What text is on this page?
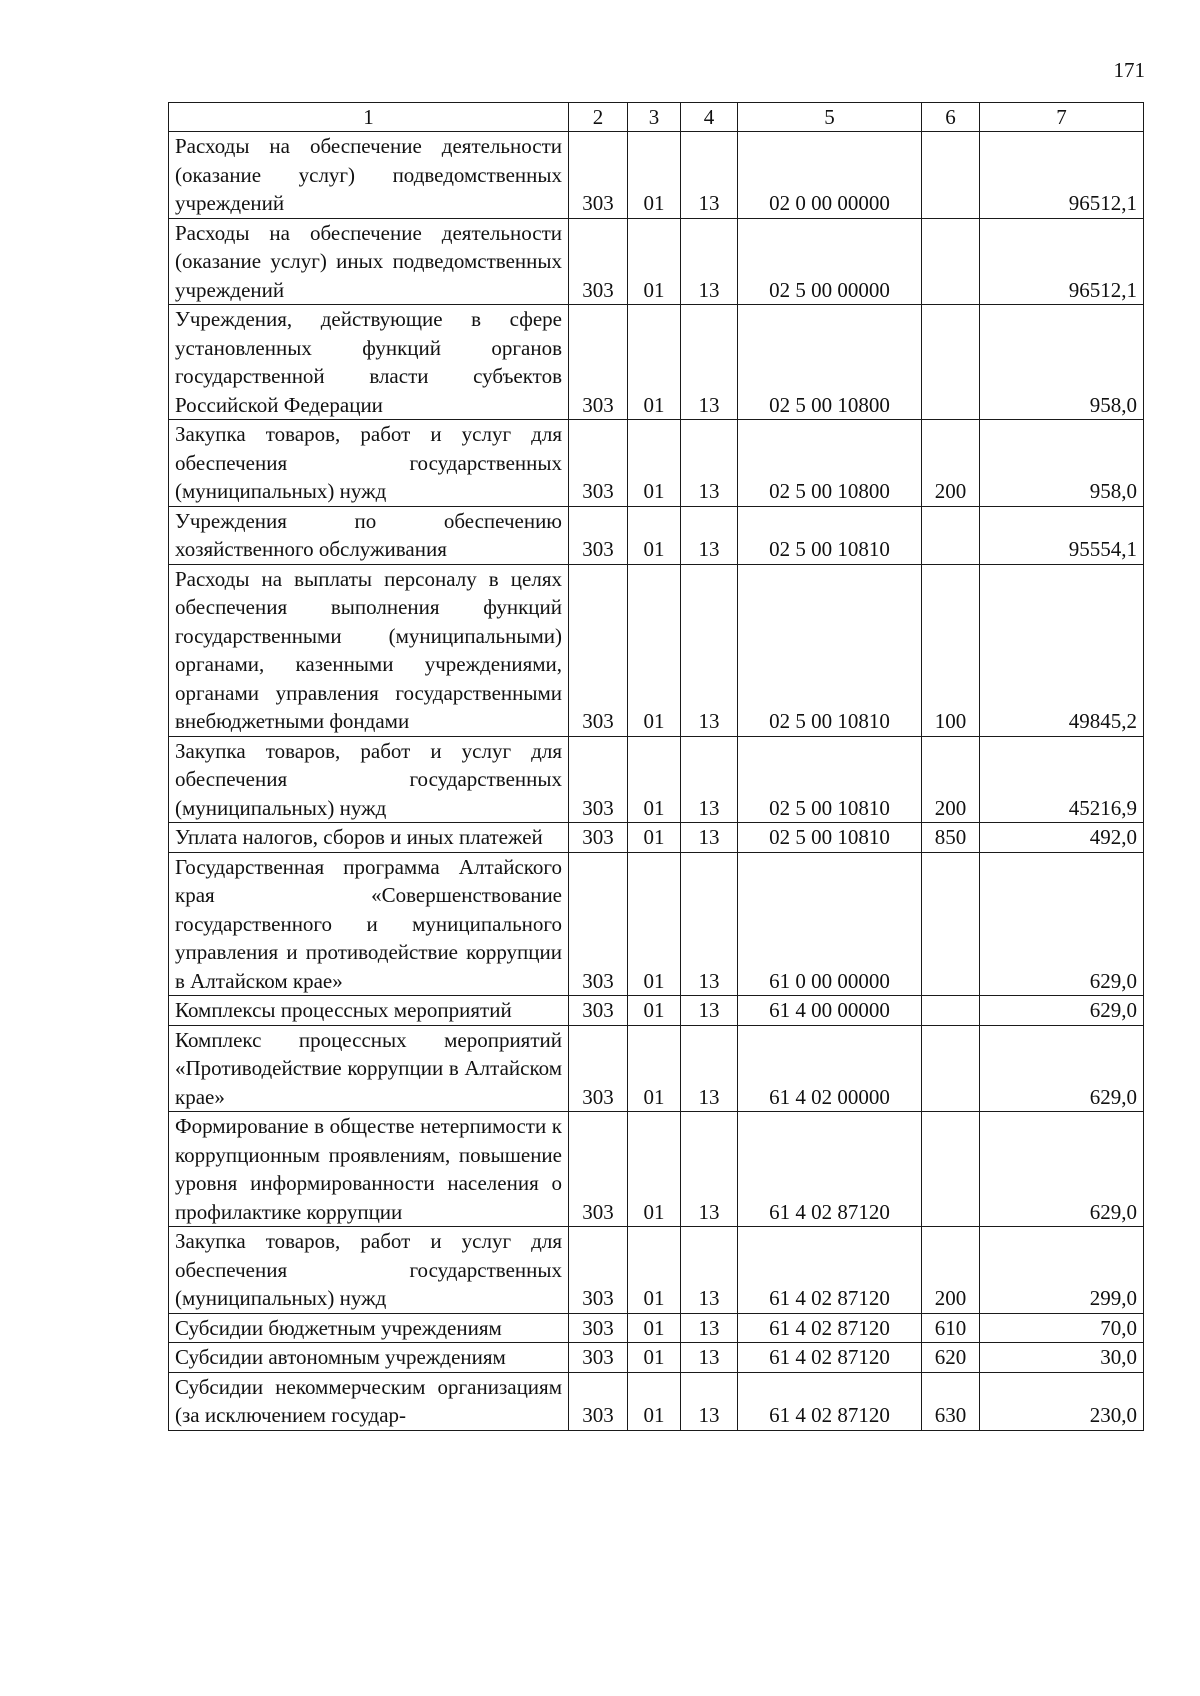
171
1	2	3	4	5	6	7
Расходы на обеспечение деятельности (оказание услуг) подведомственных учреждений	303	01	13	02 0 00 00000		96512,1
Расходы на обеспечение деятельности (оказание услуг) иных подведомственных учреждений	303	01	13	02 5 00 00000		96512,1
Учреждения, действующие в сфере установленных функций органов государственной власти субъектов Российской Федерации	303	01	13	02 5 00 10800		958,0
Закупка товаров, работ и услуг для обеспечения государственных (муниципальных) нужд	303	01	13	02 5 00 10800	200	958,0
Учреждения по обеспечению хозяйственного обслуживания	303	01	13	02 5 00 10810		95554,1
Расходы на выплаты персоналу в целях обеспечения выполнения функций государственными (муниципальными) органами, казенными учреждениями, органами управления государственными внебюджетными фондами	303	01	13	02 5 00 10810	100	49845,2
Закупка товаров, работ и услуг для обеспечения государственных (муниципальных) нужд	303	01	13	02 5 00 10810	200	45216,9
Уплата налогов, сборов и иных платежей	303	01	13	02 5 00 10810	850	492,0
Государственная программа Алтайского края «Совершенствование государственного и муниципального управления и противодействие коррупции в Алтайском крае»	303	01	13	61 0 00 00000		629,0
Комплексы процессных мероприятий	303	01	13	61 4 00 00000		629,0
Комплекс процессных мероприятий «Противодействие коррупции в Алтайском крае»	303	01	13	61 4 02 00000		629,0
Формирование в обществе нетерпимости к коррупционным проявлениям, повышение уровня информированности населения о профилактике коррупции	303	01	13	61 4 02 87120		629,0
Закупка товаров, работ и услуг для обеспечения государственных (муниципальных) нужд	303	01	13	61 4 02 87120	200	299,0
Субсидии бюджетным учреждениям	303	01	13	61 4 02 87120	610	70,0
Субсидии автономным учреждениям	303	01	13	61 4 02 87120	620	30,0
Субсидии некоммерческим организациям (за исключением государ-	303	01	13	61 4 02 87120	630	230,0
